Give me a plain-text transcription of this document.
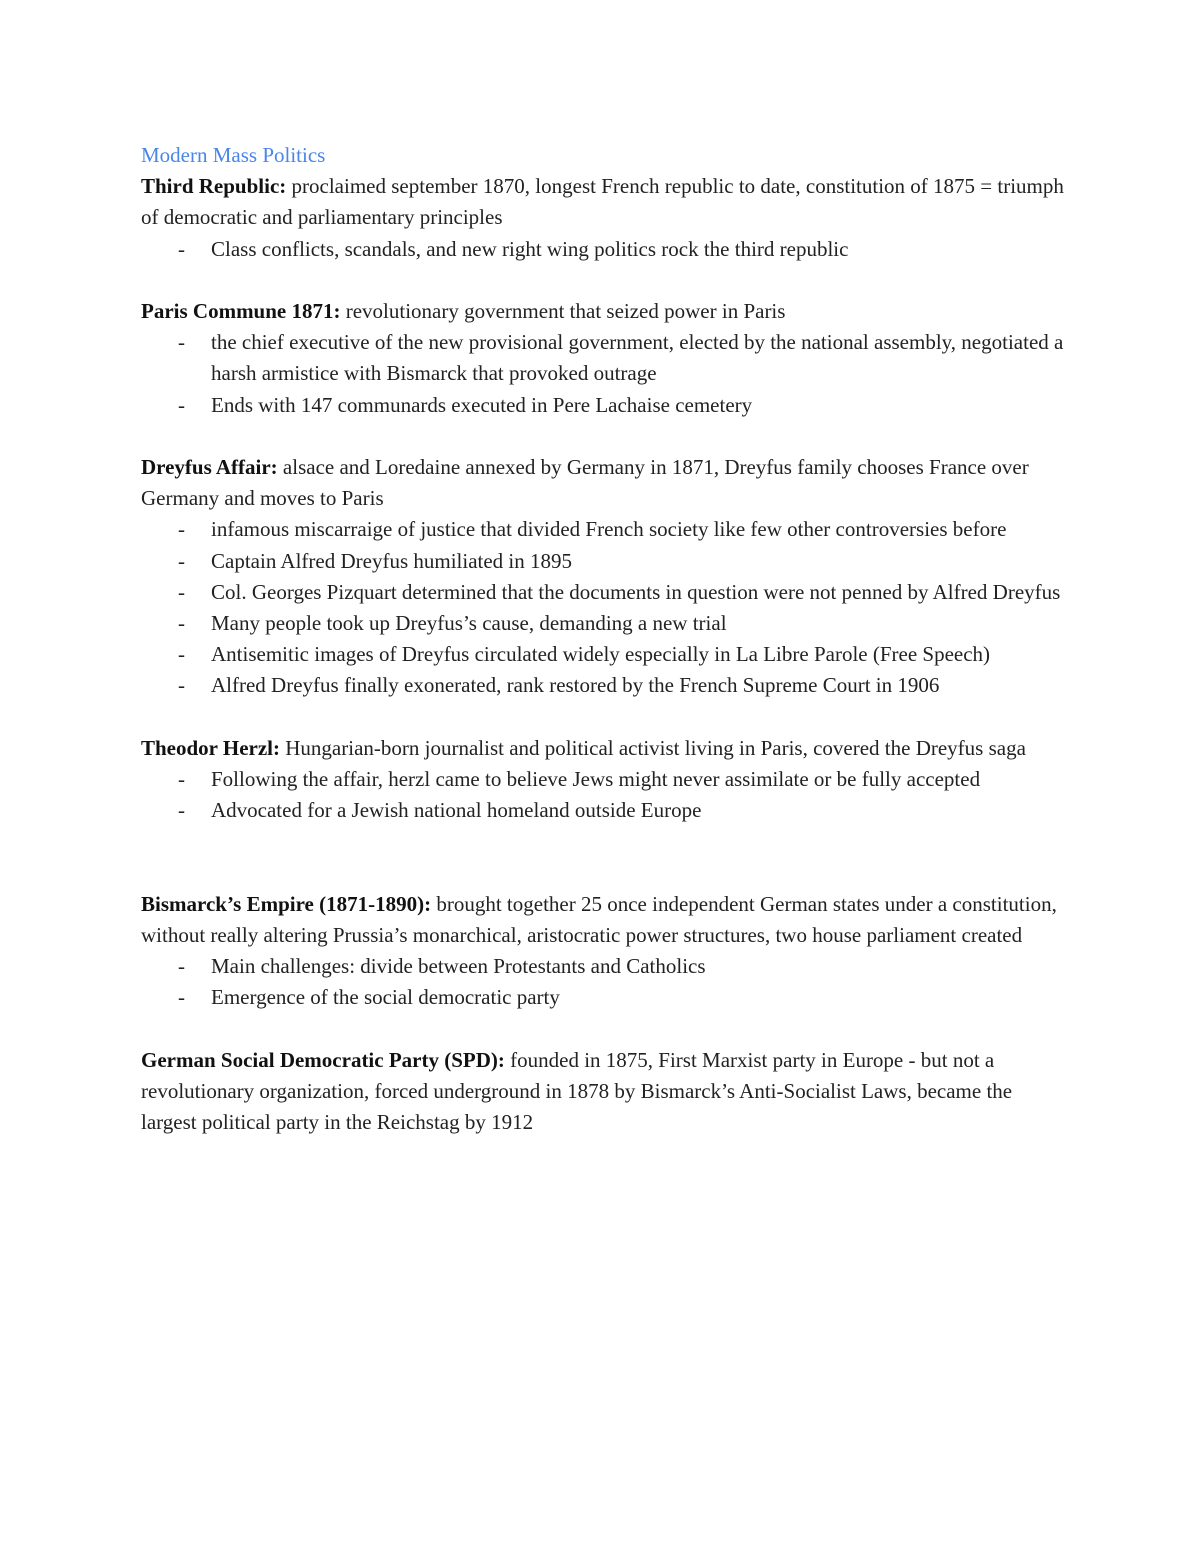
Modern Mass Politics

Third Republic: proclaimed september 1870, longest French republic to date, constitution of 1875 = triumph of democratic and parliamentary principles

- Class conflicts, scandals, and new right wing politics rock the third republic

Paris Commune 1871: revolutionary government that seized power in Paris

- the chief executive of the new provisional government, elected by the national assembly, negotiated a harsh armistice with Bismarck that provoked outrage
- Ends with 147 communards executed in Pere Lachaise cemetery

Dreyfus Affair: alsace and Loredaine annexed by Germany in 1871, Dreyfus family chooses France over Germany and moves to Paris

- infamous miscarraige of justice that divided French society like few other controversies before
- Captain Alfred Dreyfus humiliated in 1895
- Col. Georges Pizquart determined that the documents in question were not penned by Alfred Dreyfus
- Many people took up Dreyfus’s cause, demanding a new trial
- Antisemitic images of Dreyfus circulated widely especially in La Libre Parole (Free Speech)
- Alfred Dreyfus finally exonerated, rank restored by the French Supreme Court in 1906

Theodor Herzl: Hungarian-born journalist and political activist living in Paris, covered the Dreyfus saga

- Following the affair, herzl came to believe Jews might never assimilate or be fully accepted
- Advocated for a Jewish national homeland outside Europe

Bismarck’s Empire (1871-1890): brought together 25 once independent German states under a constitution, without really altering Prussia’s monarchical, aristocratic power structures, two house parliament created

- Main challenges: divide between Protestants and Catholics
- Emergence of the social democratic party

German Social Democratic Party (SPD): founded in 1875, First Marxist party in Europe - but not a revolutionary organization, forced underground in 1878 by Bismarck’s Anti-Socialist Laws, became the largest political party in the Reichstag by 1912
